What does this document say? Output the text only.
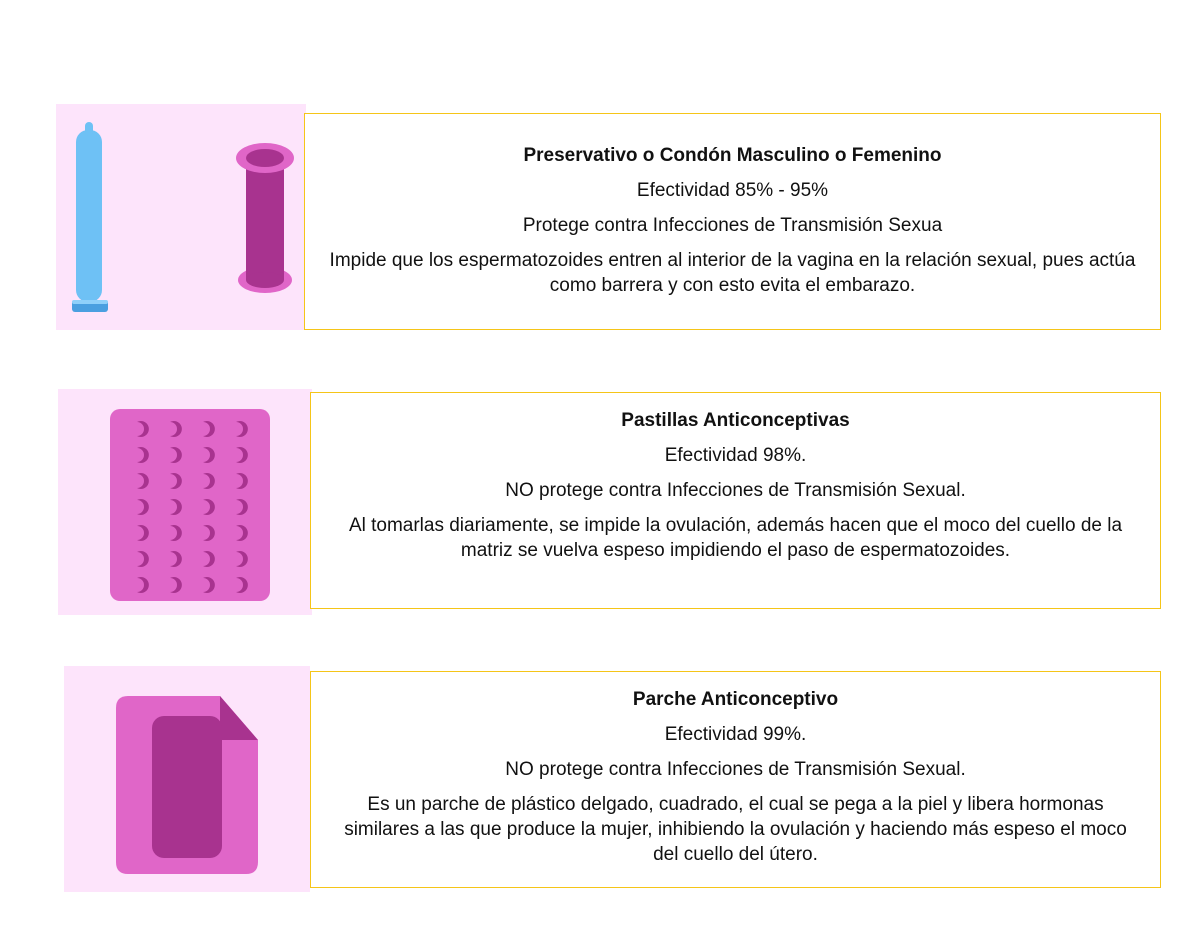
Preservativo o Condón Masculino o Femenino

Efectividad 85% - 95%

Protege contra Infecciones de Transmisión Sexua

Impide que los espermatozoides entren al interior de la vagina en la relación sexual, pues actúa como barrera y con esto evita el embarazo.

Pastillas Anticonceptivas

Efectividad 98%.

NO protege contra Infecciones de Transmisión Sexual.

Al tomarlas diariamente, se impide la ovulación, además hacen que el moco del cuello de la matriz se vuelva espeso impidiendo el paso de espermatozoides.

Parche Anticonceptivo

Efectividad 99%.

NO protege contra Infecciones de Transmisión Sexual.

Es un parche de plástico delgado, cuadrado, el cual se pega a la piel y libera hormonas similares a las que produce la mujer, inhibiendo la ovulación y haciendo más espeso el moco del cuello del útero.
